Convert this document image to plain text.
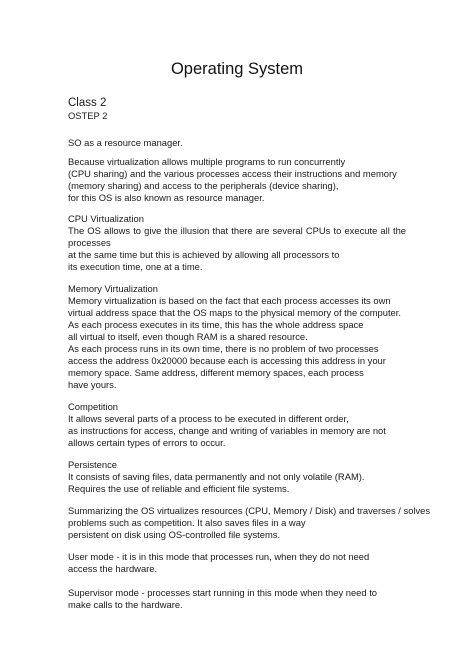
Operating System
Class 2
OSTEP 2
SO as a resource manager.
Because virtualization allows multiple programs to run concurrently
(CPU sharing) and the various processes access their instructions and memory
(memory sharing) and access to the peripherals (device sharing),
for this OS is also known as resource manager.
CPU Virtualization
The OS allows to give the illusion that there are several CPUs to execute all the
processes
at the same time but this is achieved by allowing all processors to
its execution time, one at a time.
Memory Virtualization
Memory virtualization is based on the fact that each process accesses its own
virtual address space that the OS maps to the physical memory of the computer.
As each process executes in its time, this has the whole address space
all virtual to itself, even though RAM is a shared resource.
As each process runs in its own time, there is no problem of two processes
access the address 0x20000 because each is accessing this address in your
memory space. Same address, different memory spaces, each process
have yours.
Competition
It allows several parts of a process to be executed in different order,
as instructions for access, change and writing of variables in memory are not
allows certain types of errors to occur.
Persistence
It consists of saving files, data permanently and not only volatile (RAM).
Requires the use of reliable and efficient file systems.
Summarizing the OS virtualizes resources (CPU, Memory / Disk) and traverses / solves
problems such as competition. It also saves files in a way
persistent on disk using OS-controlled file systems.
User mode - it is in this mode that processes run, when they do not need
access the hardware.
Supervisor mode - processes start running in this mode when they need to
make calls to the hardware.
